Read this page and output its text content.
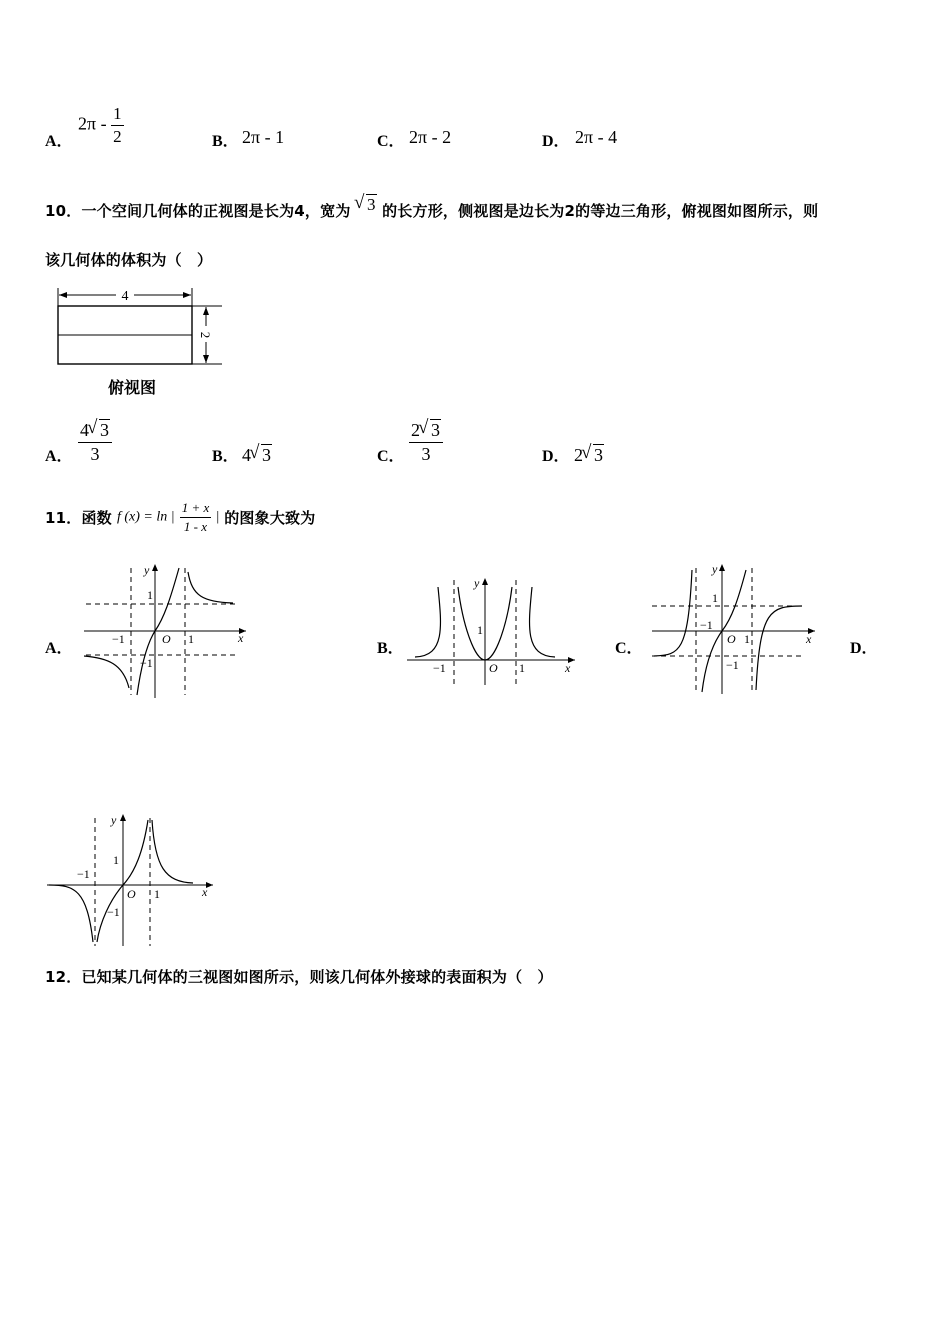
A．
$2\pi - \frac{1}{2}$	B． 2π - 1	C． 2π - 2	D． 2π - 4
10．一个空间几何体的正视图是长为4，宽为 √ 3 的长方形，侧视图是边长为2的等边三角形，俯视图如图所示，则
该几何体的体积为（　）
4
2
俯视图
A． $\frac{4 √ 3}{3}$	B． 4 √ 3	C． $\frac{2 √ 3}{3}$	D． 2 √ 3
11．函数 f (x) = ln | $\frac{1 + x}{1 - x}$ | 的图象大致为
A．	B．	C．	D．
x
y
O
1
1
−1
−1	x
y
O
1
1
−1
x
y
O
1
1
−1
−1
x
y
O
1
1
−1
−1
12．已知某几何体的三视图如图所示，则该几何体外接球的表面积为（　）
